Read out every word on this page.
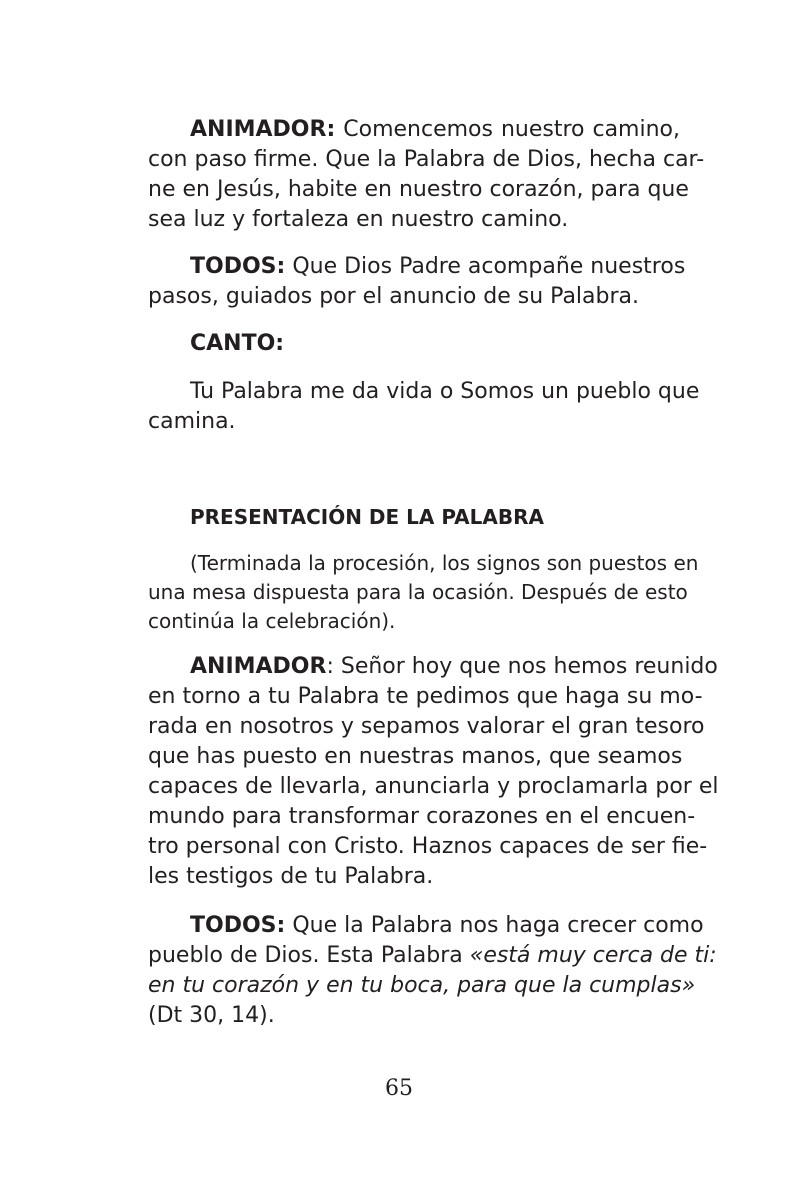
ANIMADOR: Comencemos nuestro camino,
con paso firme. Que la Palabra de Dios, hecha car-
ne en Jesús, habite en nuestro corazón, para que
sea luz y fortaleza en nuestro camino.
TODOS: Que Dios Padre acompañe nuestros
pasos, guiados por el anuncio de su Palabra.
CANTO:
Tu Palabra me da vida o Somos un pueblo que
camina.
PRESENTACIÓN DE LA PALABRA
(Terminada la procesión, los signos son puestos en
una mesa dispuesta para la ocasión. Después de esto
continúa la celebración).
ANIMADOR: Señor hoy que nos hemos reunido
en torno a tu Palabra te pedimos que haga su mo-
rada en nosotros y sepamos valorar el gran tesoro
que has puesto en nuestras manos, que seamos
capaces de llevarla, anunciarla y proclamarla por el
mundo para transformar corazones en el encuen-
tro personal con Cristo. Haznos capaces de ser fie-
les testigos de tu Palabra.
TODOS: Que la Palabra nos haga crecer como
pueblo de Dios. Esta Palabra «está muy cerca de ti:
en tu corazón y en tu boca, para que la cumplas»
(Dt 30, 14).
65
